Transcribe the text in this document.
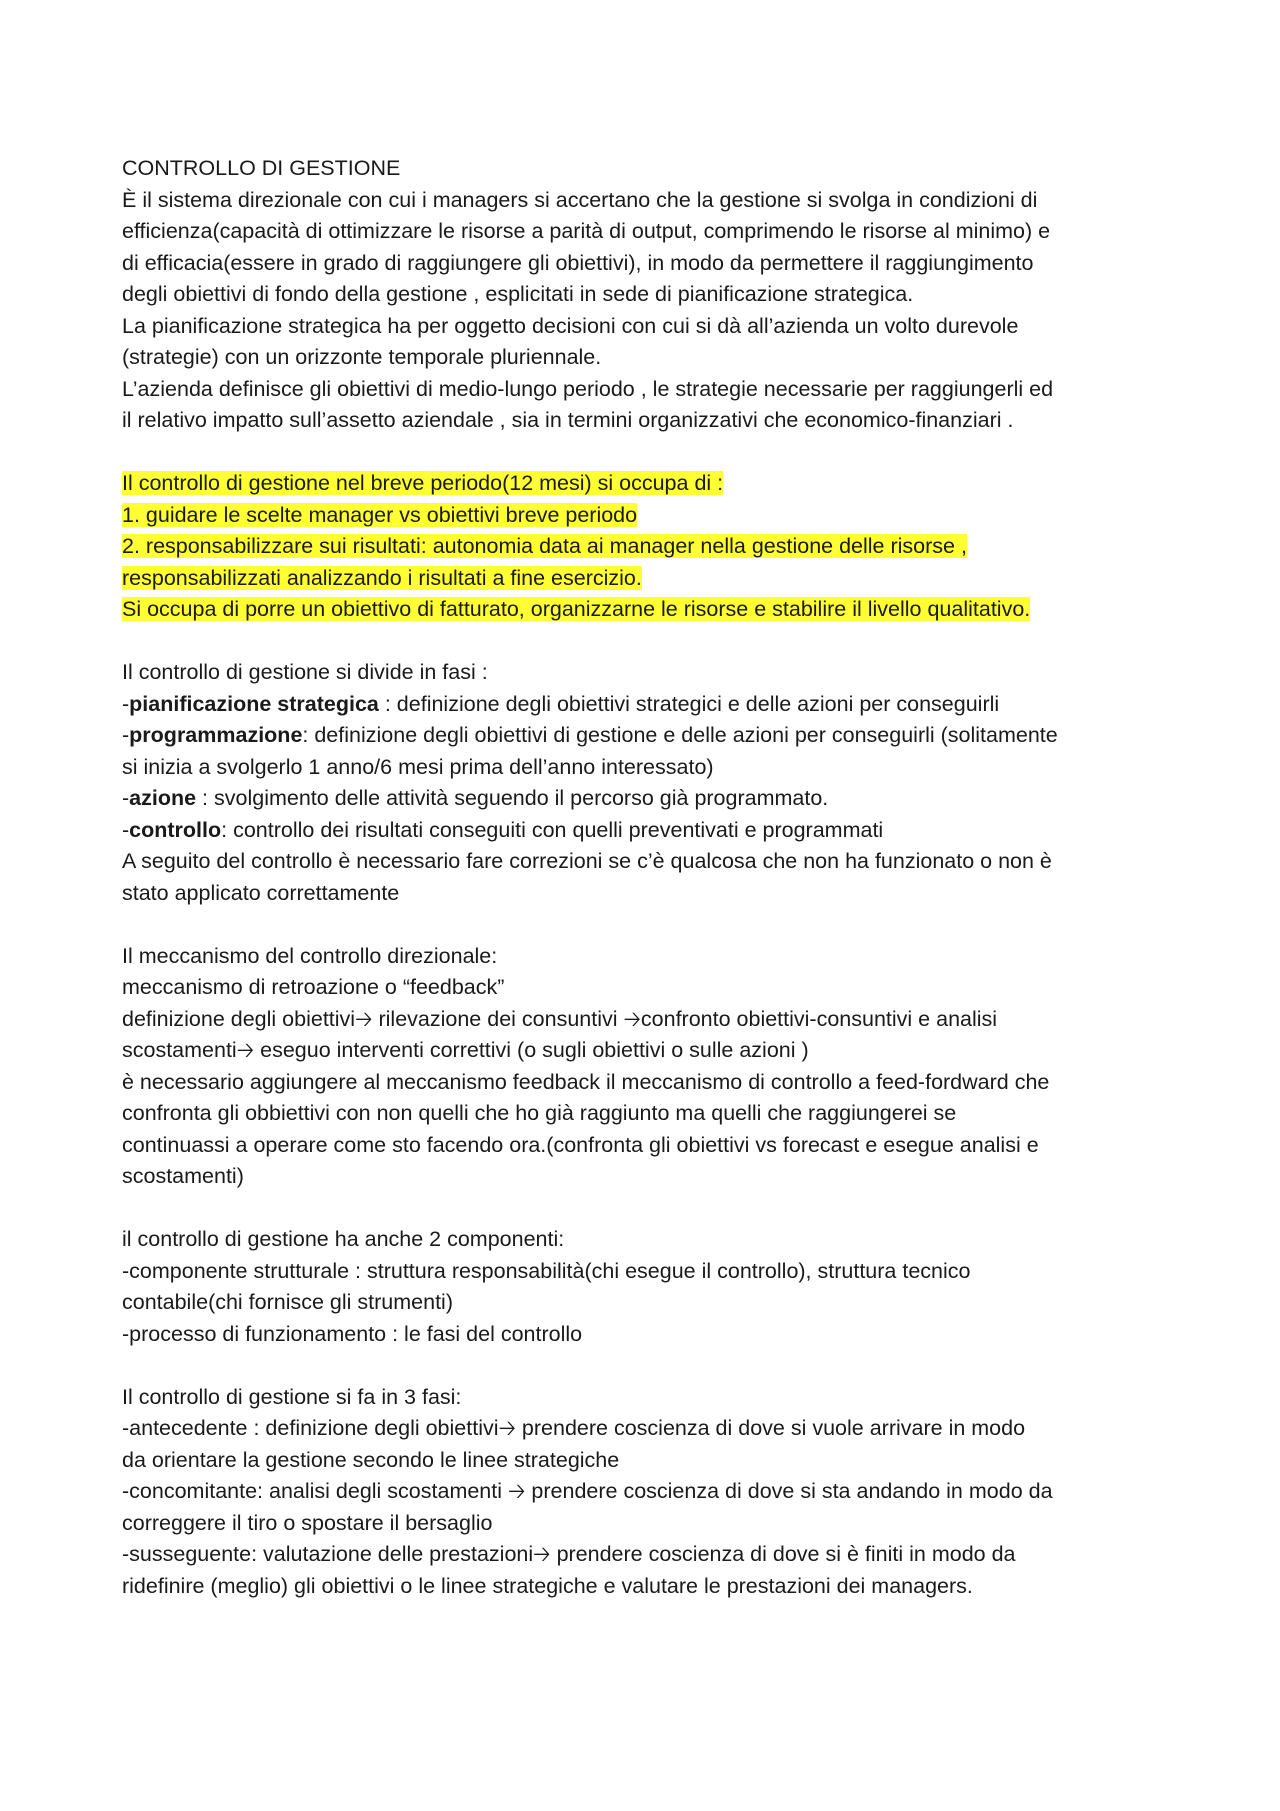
CONTROLLO DI GESTIONE
È il sistema direzionale con cui i managers si accertano che la gestione si svolga in condizioni di
efficienza(capacità di ottimizzare le risorse a parità di output, comprimendo le risorse al minimo) e
di efficacia(essere in grado di raggiungere gli obiettivi), in modo da permettere il raggiungimento
degli obiettivi di fondo della gestione , esplicitati in sede di pianificazione strategica.
La pianificazione strategica ha per oggetto decisioni con cui si dà all’azienda un volto durevole
(strategie) con un orizzonte temporale pluriennale.
L’azienda definisce gli obiettivi di medio-lungo periodo , le strategie necessarie per raggiungerli ed
il relativo impatto sull’assetto aziendale , sia in termini organizzativi che economico-finanziari .
Il controllo di gestione nel breve periodo(12 mesi) si occupa di :
1. guidare le scelte manager vs obiettivi breve periodo
2. responsabilizzare sui risultati: autonomia data ai manager nella gestione delle risorse ,
responsabilizzati analizzando i risultati a fine esercizio.
Si occupa di porre un obiettivo di fatturato, organizzarne le risorse e stabilire il livello qualitativo.
Il controllo di gestione si divide in fasi :
-pianificazione strategica : definizione degli obiettivi strategici e delle azioni per conseguirli
-programmazione: definizione degli obiettivi di gestione e delle azioni per conseguirli (solitamente
si inizia a svolgerlo 1 anno/6 mesi prima dell’anno interessato)
-azione : svolgimento delle attività seguendo il percorso già programmato.
-controllo: controllo dei risultati conseguiti con quelli preventivati e programmati
A seguito del controllo è necessario fare correzioni se c’è qualcosa che non ha funzionato o non è
stato applicato correttamente
Il meccanismo del controllo direzionale:
meccanismo di retroazione o “feedback”
definizione degli obiettivi🡢 rilevazione dei consuntivi 🡢confronto obiettivi-consuntivi e analisi
scostamenti🡢 eseguo interventi correttivi (o sugli obiettivi o sulle azioni )
è necessario aggiungere al meccanismo feedback il meccanismo di controllo a feed-fordward che
confronta gli obbiettivi con non quelli che ho già raggiunto ma quelli che raggiungerei se
continuassi a operare come sto facendo ora.(confronta gli obiettivi vs forecast e esegue analisi e
scostamenti)
il controllo di gestione ha anche 2 componenti:
-componente strutturale : struttura responsabilità(chi esegue il controllo), struttura tecnico
contabile(chi fornisce gli strumenti)
-processo di funzionamento : le fasi del controllo
Il controllo di gestione si fa in 3 fasi:
-antecedente : definizione degli obiettivi🡢 prendere coscienza di dove si vuole arrivare in modo
da orientare la gestione secondo le linee strategiche
-concomitante: analisi degli scostamenti 🡢 prendere coscienza di dove si sta andando in modo da
correggere il tiro o spostare il bersaglio
-susseguente: valutazione delle prestazioni🡢 prendere coscienza di dove si è finiti in modo da
ridefinire (meglio) gli obiettivi o le linee strategiche e valutare le prestazioni dei managers.
